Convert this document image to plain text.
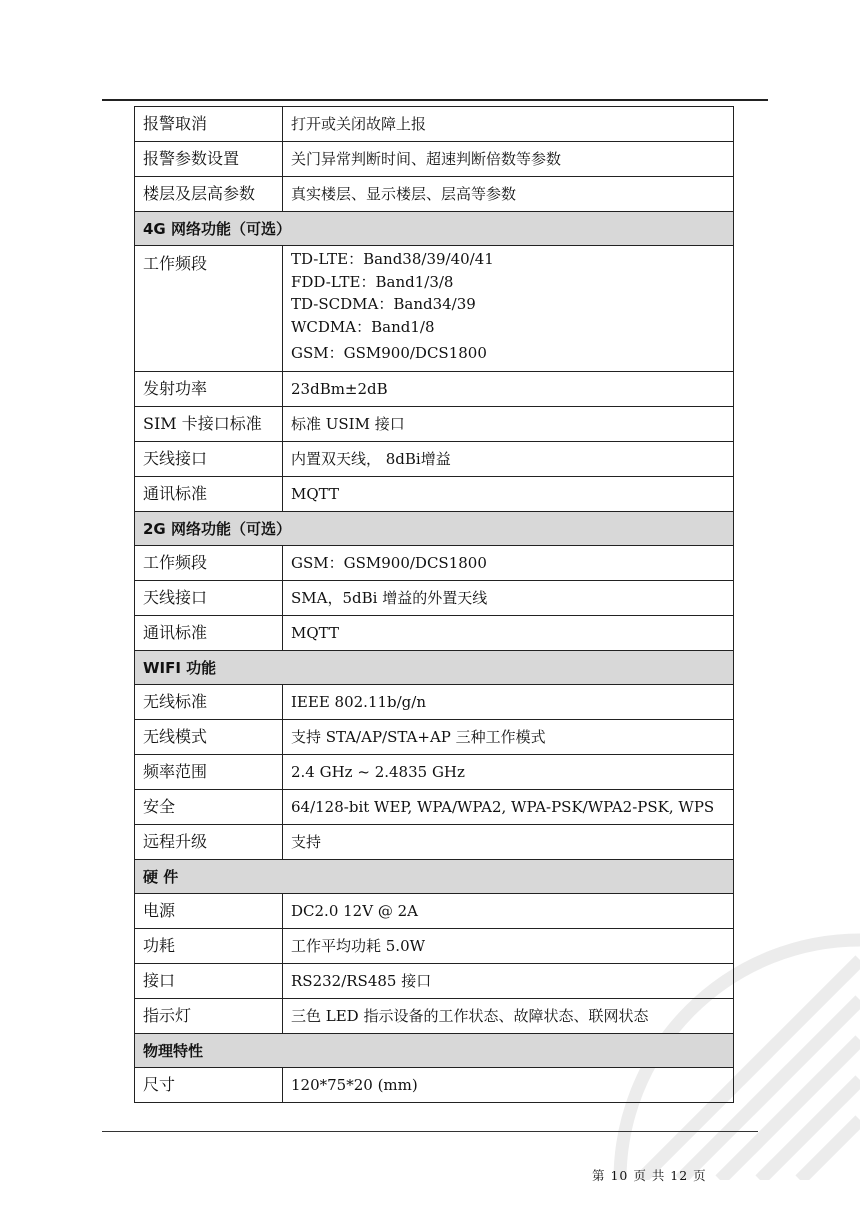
报警取消	打开或关闭故障上报
报警参数设置	关门异常判断时间、超速判断倍数等参数
楼层及层高参数	真实楼层、显示楼层、层高等参数
4G 网络功能（可选）	
工作频段	TD-LTE：Band38/39/40/41
FDD-LTE：Band1/3/8
TD-SCDMA：Band34/39
WCDMA：Band1/8
GSM：GSM900/DCS1800

发射功率	23dBm±2dB
SIM 卡接口标准	标准 USIM 接口
天线接口	内置双天线， 8dBi增益
通讯标准	MQTT
2G 网络功能（可选）	
工作频段	GSM：GSM900/DCS1800
天线接口	SMA，5dBi 增益的外置天线
通讯标准	MQTT
WIFI 功能	
无线标准	IEEE 802.11b/g/n
无线模式	支持 STA/AP/STA+AP 三种工作模式
频率范围	2.4 GHz ~ 2.4835 GHz
安全	64/128-bit WEP, WPA/WPA2, WPA-PSK/WPA2-PSK, WPS
远程升级	支持
硬 件	
电源	DC2.0 12V @ 2A
功耗	工作平均功耗 5.0W
接口	RS232/RS485 接口
指示灯	三色 LED 指示设备的工作状态、故障状态、联网状态
物理特性	
尺寸	120*75*20 (mm)
第 10 页 共 12 页
